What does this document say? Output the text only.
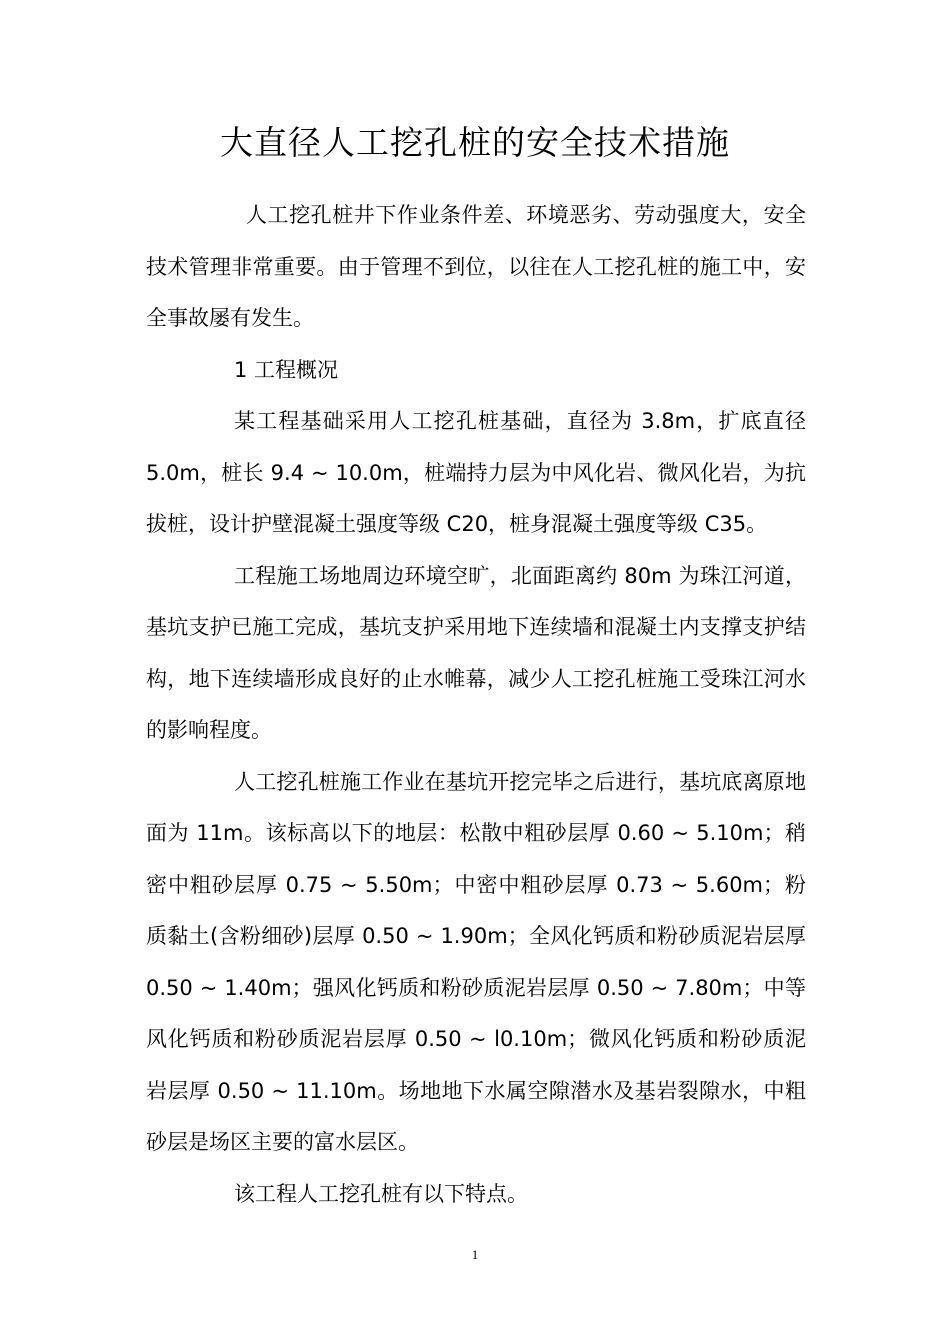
大直径人工挖孔桩的安全技术措施

人工挖孔桩井下作业条件差、环境恶劣、劳动强度大，安全技术管理非常重要。由于管理不到位，以往在人工挖孔桩的施工中，安全事故屡有发生。

1 工程概况

某工程基础采用人工挖孔桩基础，直径为 3.8m，扩底直径 5.0m，桩长 9.4 ~ 10.0m，桩端持力层为中风化岩、微风化岩，为抗拔桩，设计护壁混凝土强度等级 C20，桩身混凝土强度等级 C35。

工程施工场地周边环境空旷，北面距离约 80m 为珠江河道，基坑支护已施工完成，基坑支护采用地下连续墙和混凝土内支撑支护结构，地下连续墙形成良好的止水帷幕，减少人工挖孔桩施工受珠江河水的影响程度。

人工挖孔桩施工作业在基坑开挖完毕之后进行，基坑底离原地面为 11m。该标高以下的地层：松散中粗砂层厚 0.60 ~ 5.10m；稍密中粗砂层厚 0.75 ~ 5.50m；中密中粗砂层厚 0.73 ~ 5.60m；粉质黏土(含粉细砂)层厚 0.50 ~ 1.90m；全风化钙质和粉砂质泥岩层厚 0.50 ~ 1.40m；强风化钙质和粉砂质泥岩层厚 0.50 ~ 7.80m；中等风化钙质和粉砂质泥岩层厚 0.50 ~ l0.10m；微风化钙质和粉砂质泥岩层厚 0.50 ~ 11.10m。场地地下水属空隙潜水及基岩裂隙水，中粗砂层是场区主要的富水层区。

该工程人工挖孔桩有以下特点。

1
